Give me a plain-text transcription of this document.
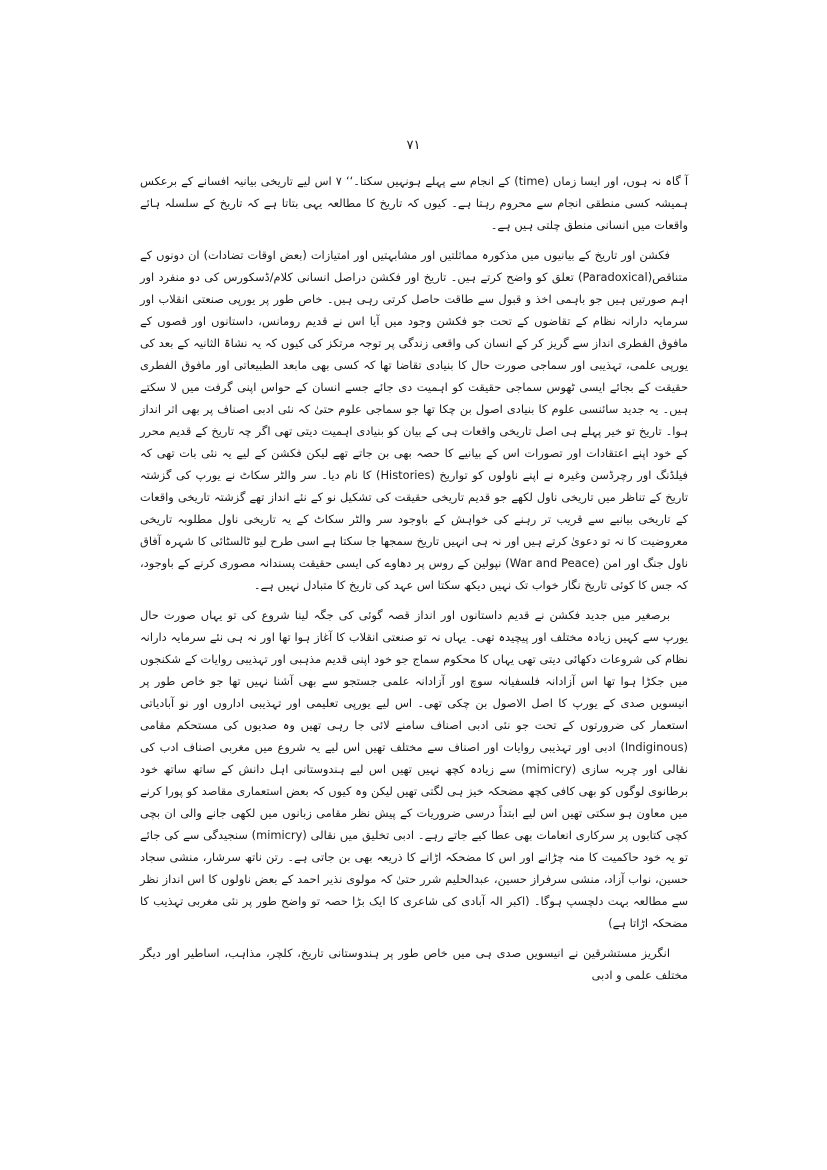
۷۱

آ گاہ نہ ہوں، اور ایسا زماں (time) کے انجام سے پہلے ہونہیں سکتا۔‘‘ ۷ اس لیے تاریخی بیانیہ افسانے کے برعکس ہمیشہ کسی منطقی انجام سے محروم رہتا ہے۔ کیوں کہ تاریخ کا مطالعہ یہی بتاتا ہے کہ تاریخ کے سلسلہ ہائے واقعات میں انسانی منطق چلتی ہیں ہے۔

فکشن اور تاریخ کے بیانیوں میں مذکورہ مماثلتیں اور مشابہتیں اور امتیازات (بعض اوقات تضادات) ان دونوں کے متناقص(Paradoxical) تعلق کو واضح کرتے ہیں۔ تاریخ اور فکشن دراصل انسانی کلام/ڈسکورس کی دو منفرد اور اہم صورتیں ہیں جو باہمی اخذ و قبول سے طاقت حاصل کرتی رہی ہیں۔ خاص طور پر یورپی صنعتی انقلاب اور سرمایہ دارانہ نظام کے تقاضوں کے تحت جو فکشن وجود میں آیا اس نے قدیم رومانس، داستانوں اور قصوں کے مافوق الفطری انداز سے گریز کر کے انسان کی واقعی زندگی پر توجہ مرتکز کی کیوں کہ یہ نشاۃ الثانیہ کے بعد کی یورپی علمی، تہذیبی اور سماجی صورت حال کا بنیادی تقاضا تھا کہ کسی بھی مابعد الطبیعاتی اور مافوق الفطری حقیقت کے بجائے ایسی ٹھوس سماجی حقیقت کو اہمیت دی جائے جسے انسان کے حواس اپنی گرفت میں لا سکتے ہیں۔ یہ جدید سائنسی علوم کا بنیادی اصول بن چکا تھا جو سماجی علوم حتیٰ کہ نئی ادبی اصناف پر بھی اثر انداز ہوا۔ تاریخ تو خیر پہلے ہی اصل تاریخی واقعات ہی کے بیان کو بنیادی اہمیت دیتی تھی اگر چہ تاریخ کے قدیم محرر کے خود اپنے اعتقادات اور تصورات اس کے بیانیے کا حصہ بھی بن جاتے تھے لیکن فکشن کے لیے یہ نئی بات تھی کہ فیلڈنگ اور رچرڈسن وغیرہ نے اپنے ناولوں کو تواریخ (Histories) کا نام دیا۔ سر والٹر سکاٹ نے یورپ کی گزشتہ تاریخ کے تناظر میں تاریخی ناول لکھے جو قدیم تاریخی حقیقت کی تشکیل نو کے نئے انداز تھے گزشتہ تاریخی واقعات کے تاریخی بیانیے سے قریب تر رہنے کی خواہش کے باوجود سر والٹر سکاٹ کے یہ تاریخی ناول مطلوبہ تاریخی معروضیت کا نہ تو دعویٰ کرتے ہیں اور نہ ہی انہیں تاریخ سمجھا جا سکتا ہے اسی طرح لیو ٹالسٹائی کا شہرہ آفاق ناول جنگ اور امن (War and Peace) نپولین کے روس پر دھاوے کی ایسی حقیقت پسندانہ مصوری کرنے کے باوجود، کہ جس کا کوئی تاریخ نگار خواب تک نہیں دیکھ سکتا اس عہد کی تاریخ کا متبادل نہیں ہے۔

برصغیر میں جدید فکشن نے قدیم داستانوں اور انداز قصہ گوئی کی جگہ لینا شروع کی تو یہاں صورت حال یورپ سے کہیں زیادہ مختلف اور پیچیدہ تھی۔ یہاں نہ تو صنعتی انقلاب کا آغاز ہوا تھا اور نہ ہی نئے سرمایہ دارانہ نظام کی شروعات دکھائی دیتی تھی یہاں کا محکوم سماج جو خود اپنی قدیم مذہبی اور تہذیبی روایات کے شکنجوں میں جکڑا ہوا تھا اس آزادانہ فلسفیانہ سوچ اور آزادانہ علمی جستجو سے بھی آشنا نہیں تھا جو خاص طور پر انیسویں صدی کے یورپ کا اصل الاصول بن چکی تھی۔ اس لیے یورپی تعلیمی اور تہذیبی اداروں اور نو آبادیاتی استعمار کی ضرورتوں کے تحت جو نئی ادبی اصناف سامنے لائی جا رہی تھیں وہ صدیوں کی مستحکم مقامی (Indiginous) ادبی اور تہذیبی روایات اور اصناف سے مختلف تھیں اس لیے یہ شروع میں مغربی اصناف ادب کی نقالی اور چربہ سازی (mimicry) سے زیادہ کچھ نہیں تھیں اس لیے ہندوستانی اہل دانش کے ساتھ ساتھ خود برطانوی لوگوں کو بھی کافی کچھ مضحکہ خیز ہی لگتی تھیں لیکن وہ کیوں کہ بعض استعماری مقاصد کو پورا کرنے میں معاون ہو سکتی تھیں اس لیے ابتداً درسی ضروریات کے پیش نظر مقامی زبانوں میں لکھی جانے والی ان بچی کچی کتابوں پر سرکاری انعامات بھی عطا کیے جاتے رہے۔ ادبی تخلیق میں نقالی (mimicry) سنجیدگی سے کی جائے تو یہ خود حاکمیت کا منہ چڑانے اور اس کا مضحکہ اڑانے کا ذریعہ بھی بن جاتی ہے۔ رتن ناتھ سرشار، منشی سجاد حسین، نواب آزاد، منشی سرفراز حسین، عبدالحلیم شرر حتیٰ کہ مولوی نذیر احمد کے بعض ناولوں کا اس انداز نظر سے مطالعہ بہت دلچسپ ہوگا۔ (اکبر الہ آبادی کی شاعری کا ایک بڑا حصہ تو واضح طور پر نئی مغربی تہذیب کا مضحکہ اڑاتا ہے)

انگریز مستشرقین نے انیسویں صدی ہی میں خاص طور پر ہندوستانی تاریخ، کلچر، مذاہب، اساطیر اور دیگر مختلف علمی و ادبی
